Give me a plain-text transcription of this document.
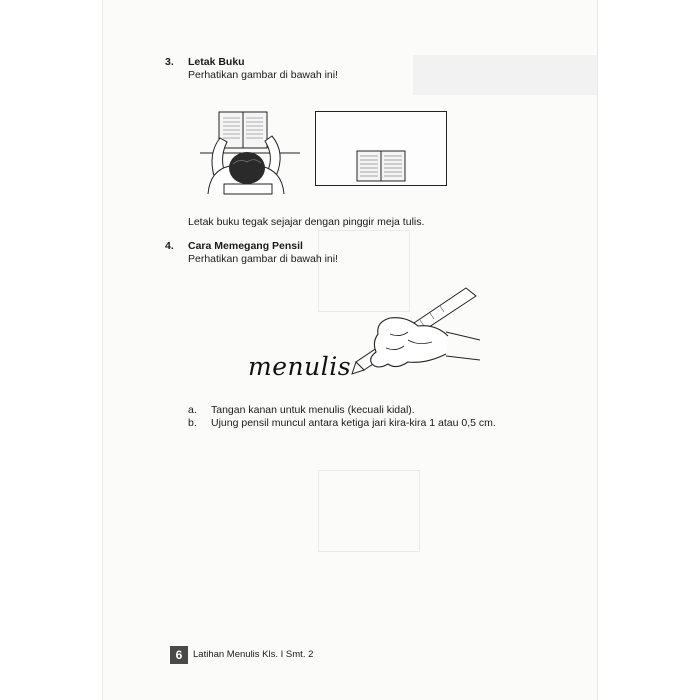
3. Letak Buku
Perhatikan gambar di bawah ini!
Letak buku tegak sejajar dengan pinggir meja tulis.
4. Cara Memegang Pensil
Perhatikan gambar di bawah ini!
menulis
a. Tangan kanan untuk menulis (kecuali kidal).
b. Ujung pensil muncul antara ketiga jari kira-kira 1 atau 0,5 cm.
6	Latihan Menulis Kls. I Smt. 2
